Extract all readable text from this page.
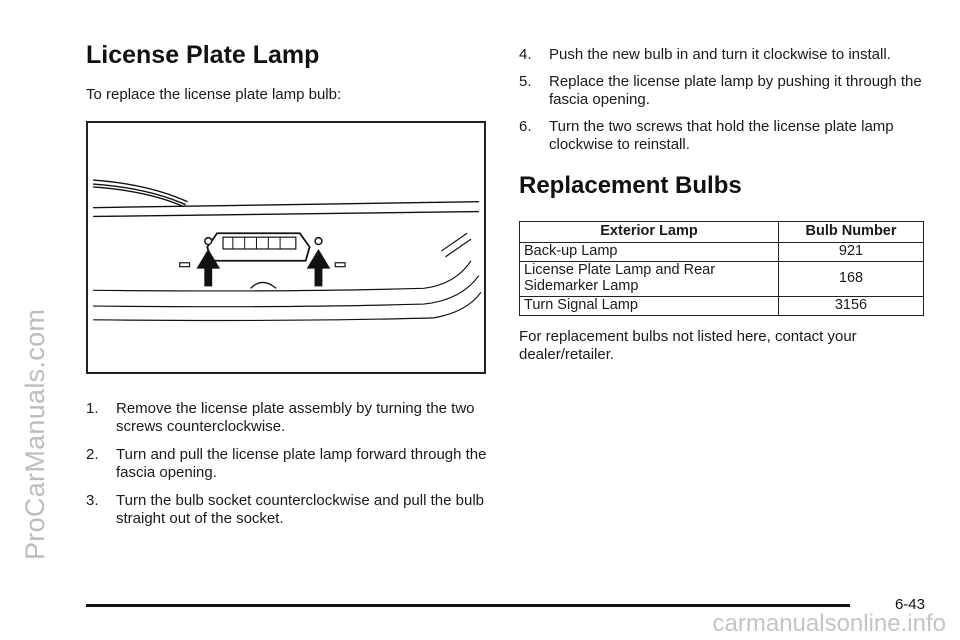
ProCarManuals.com
License Plate Lamp
To replace the license plate lamp bulb:
1.	Remove the license plate assembly by turning the two screws counterclockwise.
2.	Turn and pull the license plate lamp forward through the fascia opening.
3.	Turn the bulb socket counterclockwise and pull the bulb straight out of the socket.
4.	Push the new bulb in and turn it clockwise to install.
5.	Replace the license plate lamp by pushing it through the fascia opening.
6.	Turn the two screws that hold the license plate lamp clockwise to reinstall.
Replacement Bulbs
Exterior Lamp	Bulb Number
Back-up Lamp	921
License Plate Lamp and Rear Sidemarker Lamp	168
Turn Signal Lamp	3156
For replacement bulbs not listed here, contact your dealer/retailer.
6-43
carmanualsonline.info
